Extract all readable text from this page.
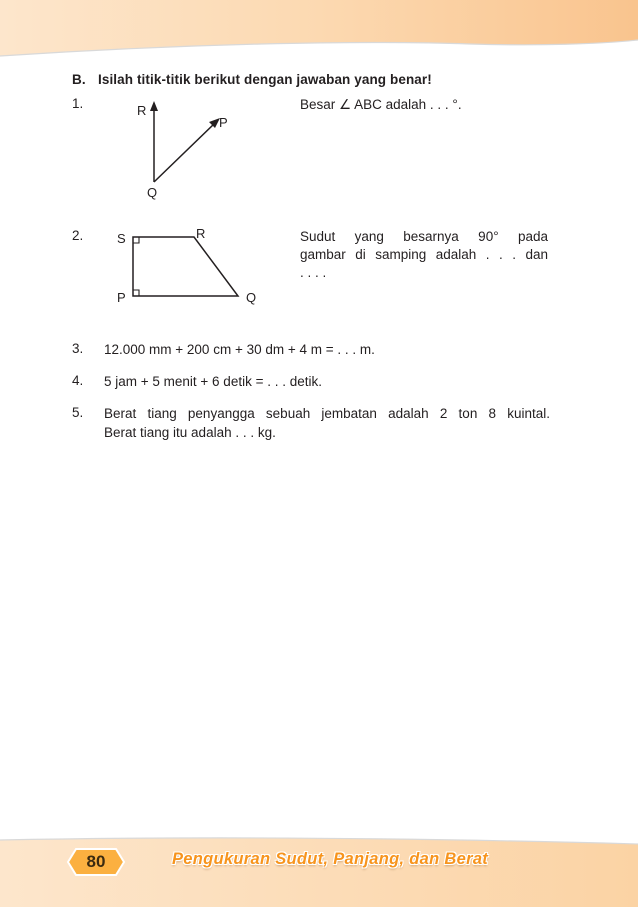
B. Isilah titik-titik berikut dengan jawaban yang benar!
1.	R
P
Q
Besar ∠ ABC adalah . . . °.
2.	S	R
P	Q
Sudut yang besarnya 90° pada
gambar di samping adalah . . . dan
. . . .
3. 12.000 mm + 200 cm + 30 dm + 4 m = . . . m.
4. 5 jam + 5 menit + 6 detik = . . . detik.
5. Berat tiang penyangga sebuah jembatan adalah 2 ton 8 kuintal.
Berat tiang itu adalah . . . kg.
80	Pengukuran Sudut, Panjang, dan Berat
